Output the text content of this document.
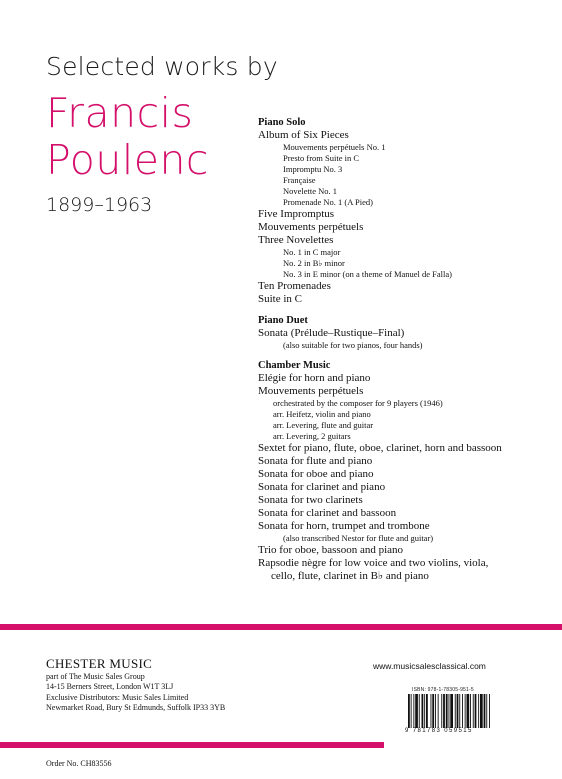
Selected works by
Francis
Poulenc
1899–1963
Piano Solo
Album of Six Pieces
Mouvements perpétuels No. 1
Presto from Suite in C
Impromptu No. 3
Française
Novelette No. 1
Promenade No. 1 (A Pied)
Five Impromptus
Mouvements perpétuels
Three Novelettes
No. 1 in C major
No. 2 in B♭ minor
No. 3 in E minor (on a theme of Manuel de Falla)
Ten Promenades
Suite in C
Piano Duet
Sonata (Prélude–Rustique–Final)
(also suitable for two pianos, four hands)
Chamber Music
Elégie for horn and piano
Mouvements perpétuels
orchestrated by the composer for 9 players (1946)
arr. Heifetz, violin and piano
arr. Levering, flute and guitar
arr. Levering, 2 guitars
Sextet for piano, flute, oboe, clarinet, horn and bassoon
Sonata for flute and piano
Sonata for oboe and piano
Sonata for clarinet and piano
Sonata for two clarinets
Sonata for clarinet and bassoon
Sonata for horn, trumpet and trombone
(also transcribed Nestor for flute and guitar)
Trio for oboe, bassoon and piano
Rapsodie nègre for low voice and two violins, viola,
cello, flute, clarinet in B♭ and piano
CHESTER MUSIC
part of The Music Sales Group
14-15 Berners Street, London W1T 3LJ
Exclusive Distributors: Music Sales Limited
Newmarket Road, Bury St Edmunds, Suffolk IP33 3YB
www.musicsalesclassical.com
ISBN: 978-1-78305-951-5
9 781783 059515
Order No. CH83556
